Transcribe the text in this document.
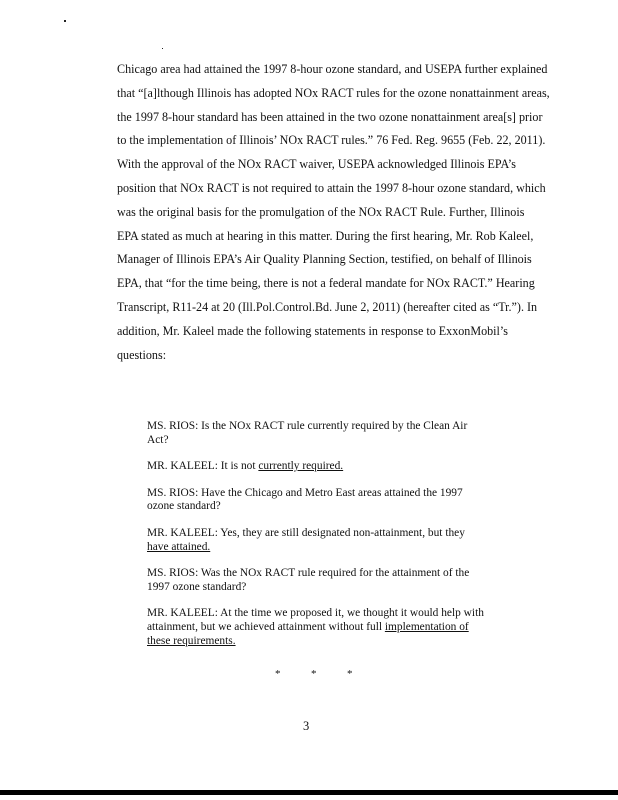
Chicago area had attained the 1997 8-hour ozone standard, and USEPA further explained
that “[a]lthough Illinois has adopted NOx RACT rules for the ozone nonattainment areas,
the 1997 8-hour standard has been attained in the two ozone nonattainment area[s] prior
to the implementation of Illinois’ NOx RACT rules.” 76 Fed. Reg. 9655 (Feb. 22, 2011).
With the approval of the NOx RACT waiver, USEPA acknowledged Illinois EPA’s
position that NOx RACT is not required to attain the 1997 8-hour ozone standard, which
was the original basis for the promulgation of the NOx RACT Rule. Further, Illinois
EPA stated as much at hearing in this matter. During the first hearing, Mr. Rob Kaleel,
Manager of Illinois EPA’s Air Quality Planning Section, testified, on behalf of Illinois
EPA, that “for the time being, there is not a federal mandate for NOx RACT.” Hearing
Transcript, R11-24 at 20 (Ill.Pol.Control.Bd. June 2, 2011) (hereafter cited as “Tr.”). In
addition, Mr. Kaleel made the following statements in response to ExxonMobil’s
questions:
MS. RIOS: Is the NOx RACT rule currently required by the Clean Air
Act?
MR. KALEEL: It is not currently required.
MS. RIOS: Have the Chicago and Metro East areas attained the 1997
ozone standard?
MR. KALEEL: Yes, they are still designated non-attainment, but they
have attained.
MS. RIOS: Was the NOx RACT rule required for the attainment of the
1997 ozone standard?
MR. KALEEL: At the time we proposed it, we thought it would help with
attainment, but we achieved attainment without full implementation of
these requirements.
*	*	*
3
